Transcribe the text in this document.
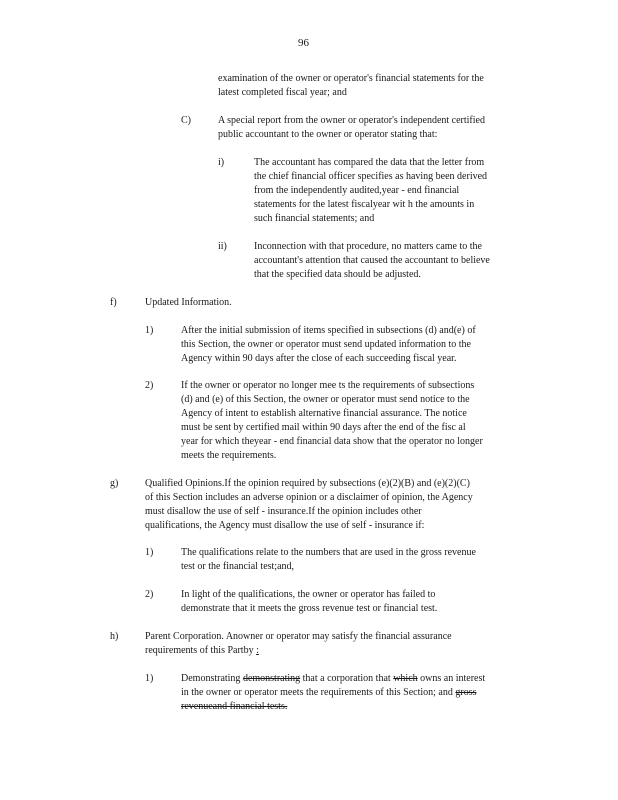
96
examination of the owner or operator's financial statements for the
latest completed fiscal year; and
C)	A special report from the owner or operator's independent certified
public accountant to the owner or operator stating that:
i)	The accountant has compared the data that the letter from
the chief financial officer specifies as having been derived
from the independently audited,year - end financial
statements for the latest fiscalyear wit h the amounts in
such financial statements; and
ii)	Inconnection with that procedure, no matters came to the
accountant's attention that caused the accountant to believe
that the specified data should be adjusted.
f)	Updated Information.
1)	After the initial submission of items specified in subsections (d) and(e) of
this Section, the owner or operator must send updated information to the
Agency within 90 days after the close of each succeeding fiscal year.
2)	If the owner or operator no longer mee ts the requirements of subsections
(d) and (e) of this Section, the owner or operator must send notice to the
Agency of intent to establish alternative financial assurance. The notice
must be sent by certified mail within 90 days after the end of the fisc al
year for which theyear - end financial data show that the operator no longer
meets the requirements.
g)	Qualified Opinions.If the opinion required by subsections (e)(2)(B) and (e)(2)(C)
of this Section includes an adverse opinion or a disclaimer of opinion, the Agency
must disallow the use of self - insurance.If the opinion includes other
qualifications, the Agency must disallow the use of self - insurance if:
1)	The qualifications relate to the numbers that are used in the gross revenue
test or the financial test;and,
2)	In light of the qualifications, the owner or operator has failed to
demonstrate that it meets the gross revenue test or financial test.
h)	Parent Corporation. Anowner or operator may satisfy the financial assurance
requirements of this Partby :
1)	Demonstrating demonstrating that a corporation that which owns an interest
in the owner or operator meets the requirements of this Section; and gross
revenueand financial tests.
